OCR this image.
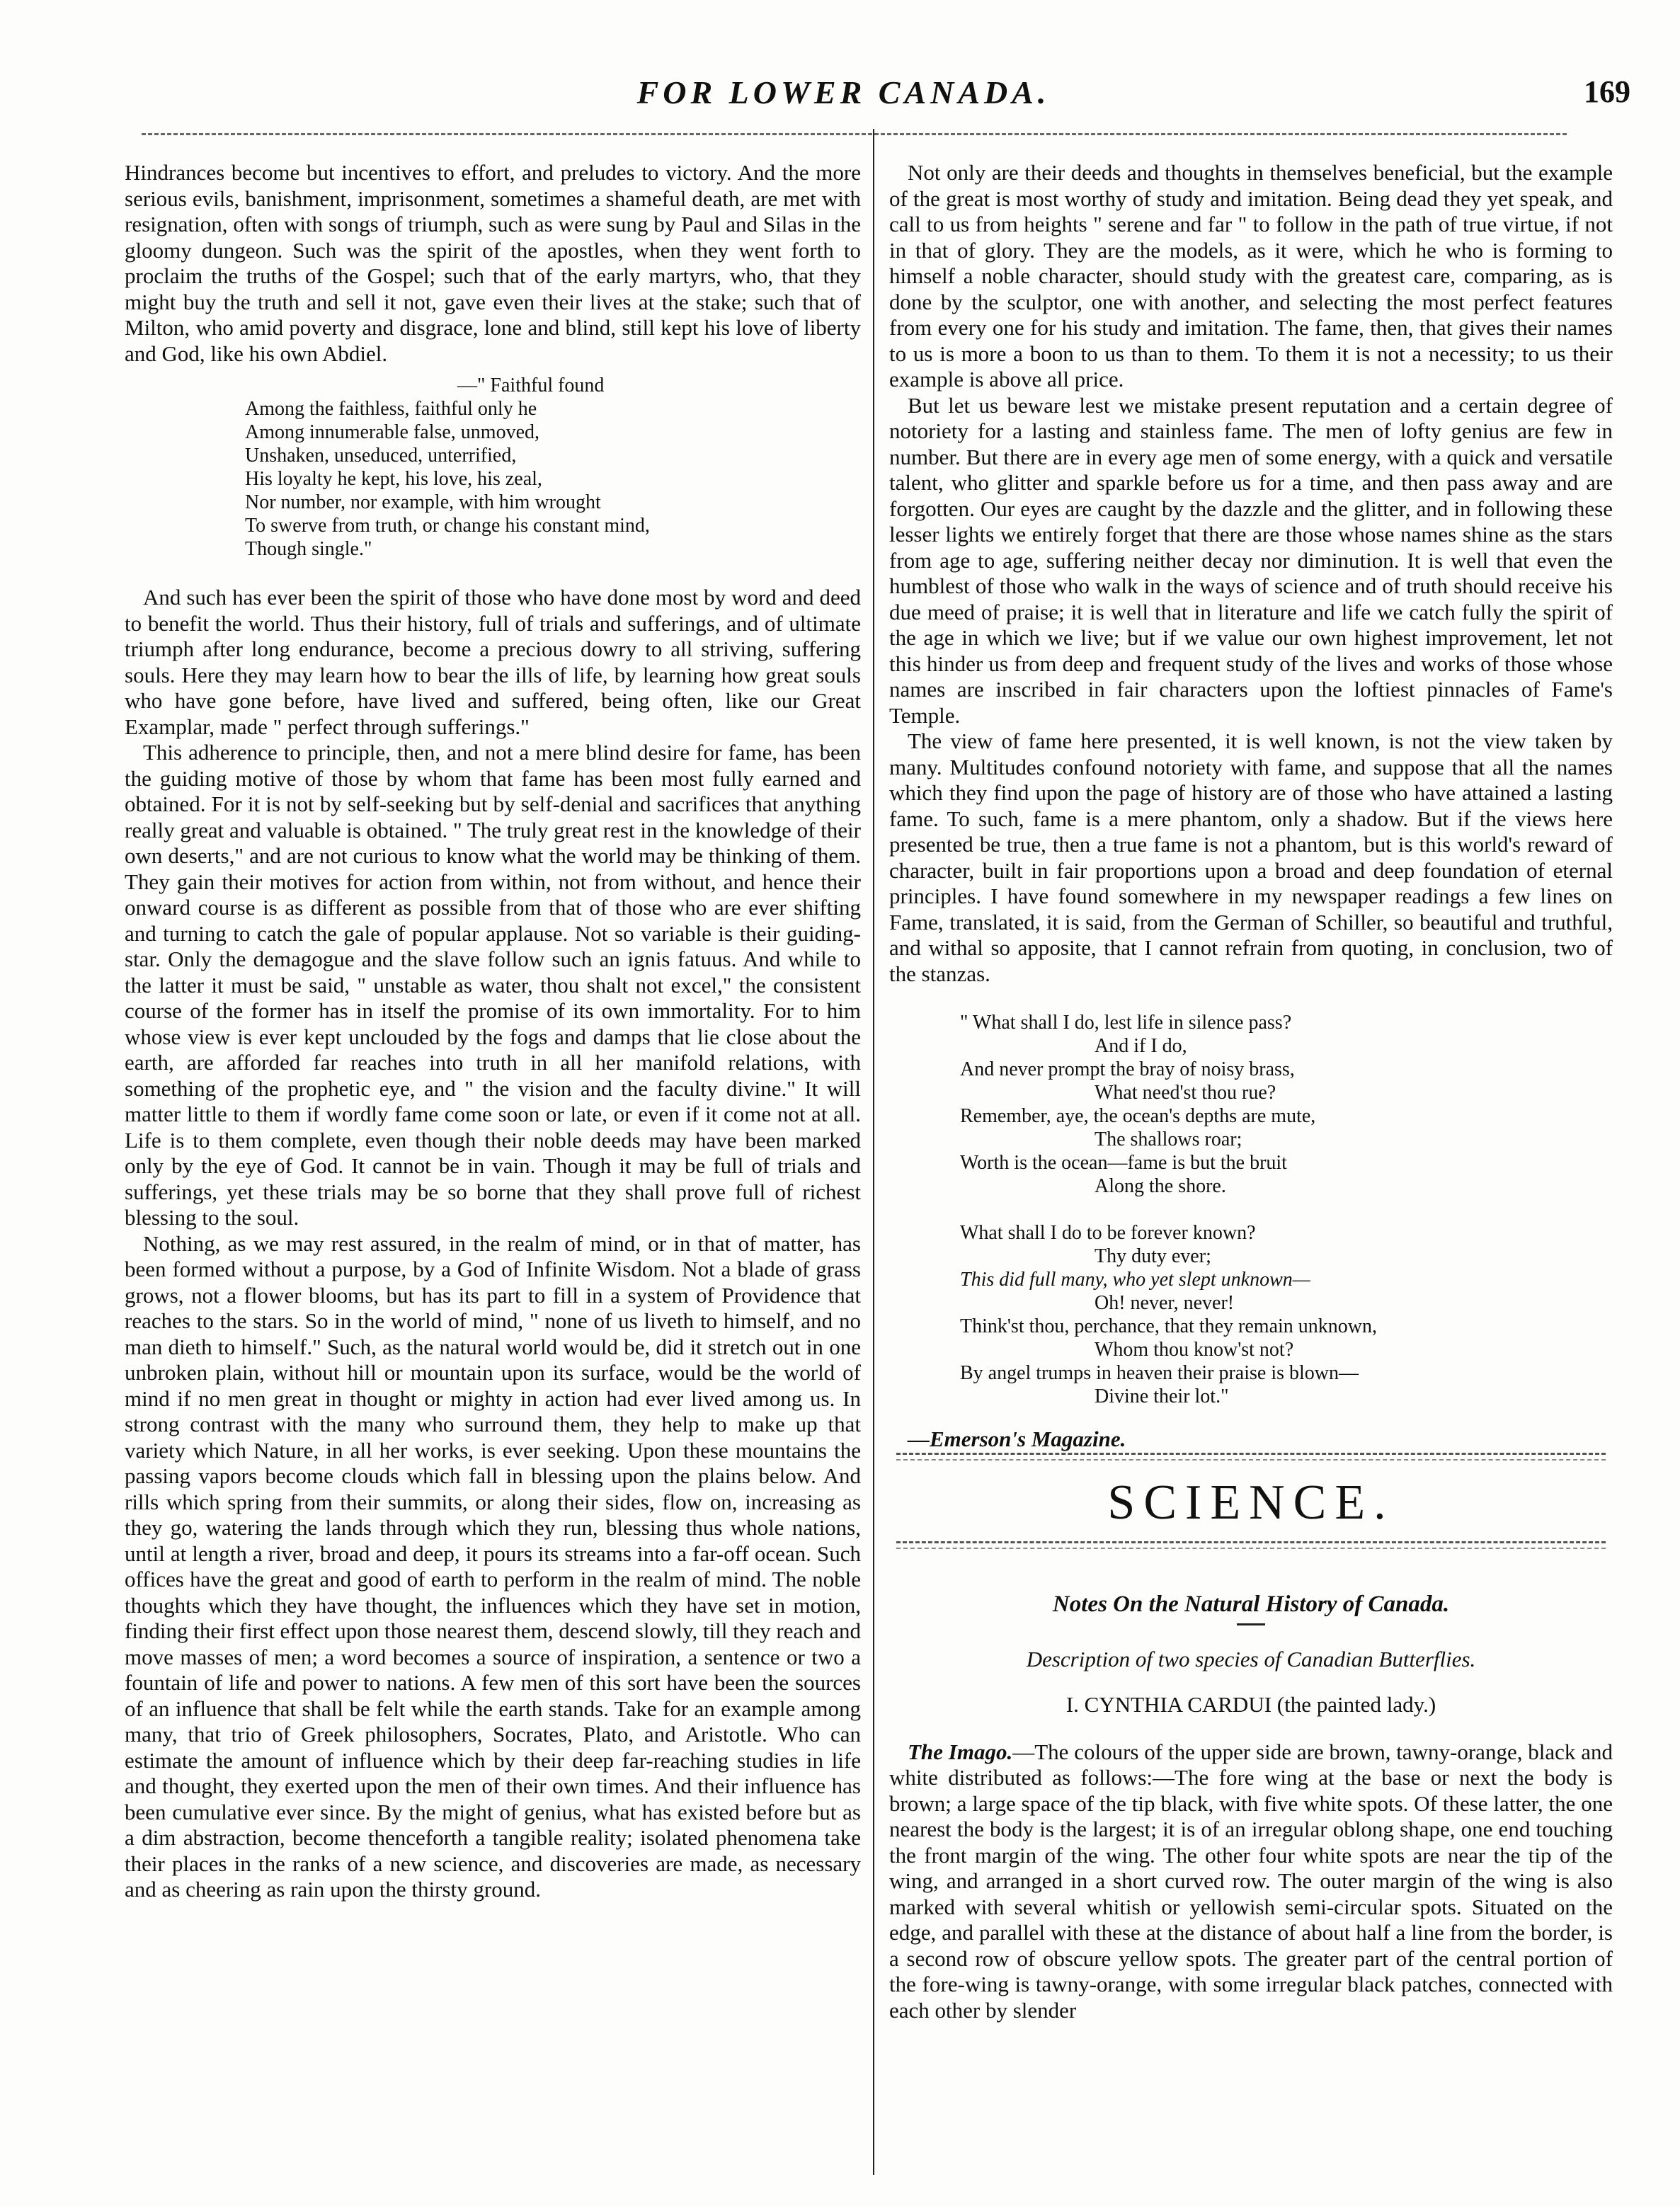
FOR LOWER CANADA.	169

Hindrances become but incentives to effort, and preludes to victory. And the more serious evils, banishment, imprisonment, sometimes a shameful death, are met with resignation, often with songs of triumph, such as were sung by Paul and Silas in the gloomy dungeon. Such was the spirit of the apostles, when they went forth to proclaim the truths of the Gospel; such that of the early martyrs, who, that they might buy the truth and sell it not, gave even their lives at the stake; such that of Milton, who amid poverty and disgrace, lone and blind, still kept his love of liberty and God, like his own Abdiel.

—" Faithful found
Among the faithless, faithful only he
Among innumerable false, unmoved,
Unshaken, unseduced, unterrified,
His loyalty he kept, his love, his zeal,
Nor number, nor example, with him wrought
To swerve from truth, or change his constant mind,
Though single."

And such has ever been the spirit of those who have done most by word and deed to benefit the world. Thus their history, full of trials and sufferings, and of ultimate triumph after long endurance, become a precious dowry to all striving, suffering souls. Here they may learn how to bear the ills of life, by learning how great souls who have gone before, have lived and suffered, being often, like our Great Examplar, made " perfect through sufferings."

This adherence to principle, then, and not a mere blind desire for fame, has been the guiding motive of those by whom that fame has been most fully earned and obtained. For it is not by self-seeking but by self-denial and sacrifices that anything really great and valuable is obtained. " The truly great rest in the knowledge of their own deserts," and are not curious to know what the world may be thinking of them. They gain their motives for action from within, not from without, and hence their onward course is as different as possible from that of those who are ever shifting and turning to catch the gale of popular applause. Not so variable is their guiding-star. Only the demagogue and the slave follow such an ignis fatuus. And while to the latter it must be said, " unstable as water, thou shalt not excel," the consistent course of the former has in itself the promise of its own immortality. For to him whose view is ever kept unclouded by the fogs and damps that lie close about the earth, are afforded far reaches into truth in all her manifold relations, with something of the prophetic eye, and " the vision and the faculty divine." It will matter little to them if wordly fame come soon or late, or even if it come not at all. Life is to them complete, even though their noble deeds may have been marked only by the eye of God. It cannot be in vain. Though it may be full of trials and sufferings, yet these trials may be so borne that they shall prove full of richest blessing to the soul.

Nothing, as we may rest assured, in the realm of mind, or in that of matter, has been formed without a purpose, by a God of Infinite Wisdom. Not a blade of grass grows, not a flower blooms, but has its part to fill in a system of Providence that reaches to the stars. So in the world of mind, " none of us liveth to himself, and no man dieth to himself." Such, as the natural world would be, did it stretch out in one unbroken plain, without hill or mountain upon its surface, would be the world of mind if no men great in thought or mighty in action had ever lived among us. In strong contrast with the many who surround them, they help to make up that variety which Nature, in all her works, is ever seeking. Upon these mountains the passing vapors become clouds which fall in blessing upon the plains below. And rills which spring from their summits, or along their sides, flow on, increasing as they go, watering the lands through which they run, blessing thus whole nations, until at length a river, broad and deep, it pours its streams into a far-off ocean. Such offices have the great and good of earth to perform in the realm of mind. The noble thoughts which they have thought, the influences which they have set in motion, finding their first effect upon those nearest them, descend slowly, till they reach and move masses of men; a word becomes a source of inspiration, a sentence or two a fountain of life and power to nations. A few men of this sort have been the sources of an influence that shall be felt while the earth stands. Take for an example among many, that trio of Greek philosophers, Socrates, Plato, and Aristotle. Who can estimate the amount of influence which by their deep far-reaching studies in life and thought, they exerted upon the men of their own times. And their influence has been cumulative ever since. By the might of genius, what has existed before but as a dim abstraction, become thenceforth a tangible reality; isolated phenomena take their places in the ranks of a new science, and discoveries are made, as necessary and as cheering as rain upon the thirsty ground.

Not only are their deeds and thoughts in themselves beneficial, but the example of the great is most worthy of study and imitation. Being dead they yet speak, and call to us from heights " serene and far " to follow in the path of true virtue, if not in that of glory. They are the models, as it were, which he who is forming to himself a noble character, should study with the greatest care, comparing, as is done by the sculptor, one with another, and selecting the most perfect features from every one for his study and imitation. The fame, then, that gives their names to us is more a boon to us than to them. To them it is not a necessity; to us their example is above all price.

But let us beware lest we mistake present reputation and a certain degree of notoriety for a lasting and stainless fame. The men of lofty genius are few in number. But there are in every age men of some energy, with a quick and versatile talent, who glitter and sparkle before us for a time, and then pass away and are forgotten. Our eyes are caught by the dazzle and the glitter, and in following these lesser lights we entirely forget that there are those whose names shine as the stars from age to age, suffering neither decay nor diminution. It is well that even the humblest of those who walk in the ways of science and of truth should receive his due meed of praise; it is well that in literature and life we catch fully the spirit of the age in which we live; but if we value our own highest improvement, let not this hinder us from deep and frequent study of the lives and works of those whose names are inscribed in fair characters upon the loftiest pinnacles of Fame's Temple.

The view of fame here presented, it is well known, is not the view taken by many. Multitudes confound notoriety with fame, and suppose that all the names which they find upon the page of history are of those who have attained a lasting fame. To such, fame is a mere phantom, only a shadow. But if the views here presented be true, then a true fame is not a phantom, but is this world's reward of character, built in fair proportions upon a broad and deep foundation of eternal principles. I have found somewhere in my newspaper readings a few lines on Fame, translated, it is said, from the German of Schiller, so beautiful and truthful, and withal so apposite, that I cannot refrain from quoting, in conclusion, two of the stanzas.

" What shall I do, lest life in silence pass?
And if I do,
And never prompt the bray of noisy brass,
What need'st thou rue?
Remember, aye, the ocean's depths are mute,
The shallows roar;
Worth is the ocean—fame is but the bruit
Along the shore.
What shall I do to be forever known?
Thy duty ever;
This did full many, who yet slept unknown—
Oh! never, never!
Think'st thou, perchance, that they remain unknown,
Whom thou know'st not?
By angel trumps in heaven their praise is blown—
Divine their lot."

—Emerson's Magazine.

SCIENCE.
Notes On the Natural History of Canada.
Description of two species of Canadian Butterflies.
I. CYNTHIA CARDUI (the painted lady.)

The Imago.—The colours of the upper side are brown, tawny-orange, black and white distributed as follows:—The fore wing at the base or next the body is brown; a large space of the tip black, with five white spots. Of these latter, the one nearest the body is the largest; it is of an irregular oblong shape, one end touching the front margin of the wing. The other four white spots are near the tip of the wing, and arranged in a short curved row. The outer margin of the wing is also marked with several whitish or yellowish semi-circular spots. Situated on the edge, and parallel with these at the distance of about half a line from the border, is a second row of obscure yellow spots. The greater part of the central portion of the fore-wing is tawny-orange, with some irregular black patches, connected with each other by slender
